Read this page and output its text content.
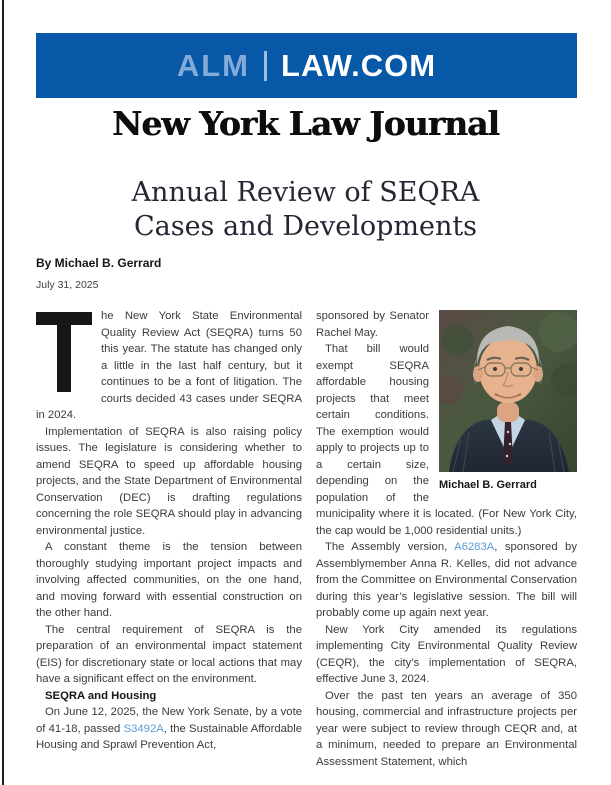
ALM LAW.COM
New York Law Journal
Annual Review of SEQRA
Cases and Developments
By Michael B. Gerrard
July 31, 2025

he New York State Environmental Quality Review Act (SEQRA) turns 50 this year. The statute has changed only a little in the last half century, but it continues to be a font of litigation. The courts decided 43 cases under SEQRA in 2024.

Implementation of SEQRA is also raising policy issues. The legislature is considering whether to amend SEQRA to speed up affordable housing projects, and the State Department of Environmental Conservation (DEC) is drafting regulations concerning the role SEQRA should play in advancing environmental justice.

A constant theme is the tension between thoroughly studying important project impacts and involving affected communities, on the one hand, and moving forward with essential construction on the other hand.

The central requirement of SEQRA is the preparation of an environmental impact statement (EIS) for discretionary state or local actions that may have a significant effect on the environment.

SEQRA and Housing

On June 12, 2025, the New York Senate, by a vote of 41-18, passed S3492A, the Sustainable Affordable Housing and Sprawl Prevention Act,

Michael B. Gerrard

sponsored by Senator Rachel May.

That bill would exempt SEQRA affordable housing projects that meet certain conditions. The exemption would apply to projects up to a certain size, depending on the population of the municipality where it is located. (For New York City, the cap would be 1,000 residential units.)

The Assembly version, A6283A, sponsored by Assemblymember Anna R. Kelles, did not advance from the Committee on Environmental Conservation during this year’s legislative session. The bill will probably come up again next year.

New York City amended its regulations implementing City Environmental Quality Review (CEQR), the city’s implementation of SEQRA, effective June 3, 2024.

Over the past ten years an average of 350 housing, commercial and infrastructure projects per year were subject to review through CEQR and, at a minimum, needed to prepare an Environmental Assessment Statement, which
